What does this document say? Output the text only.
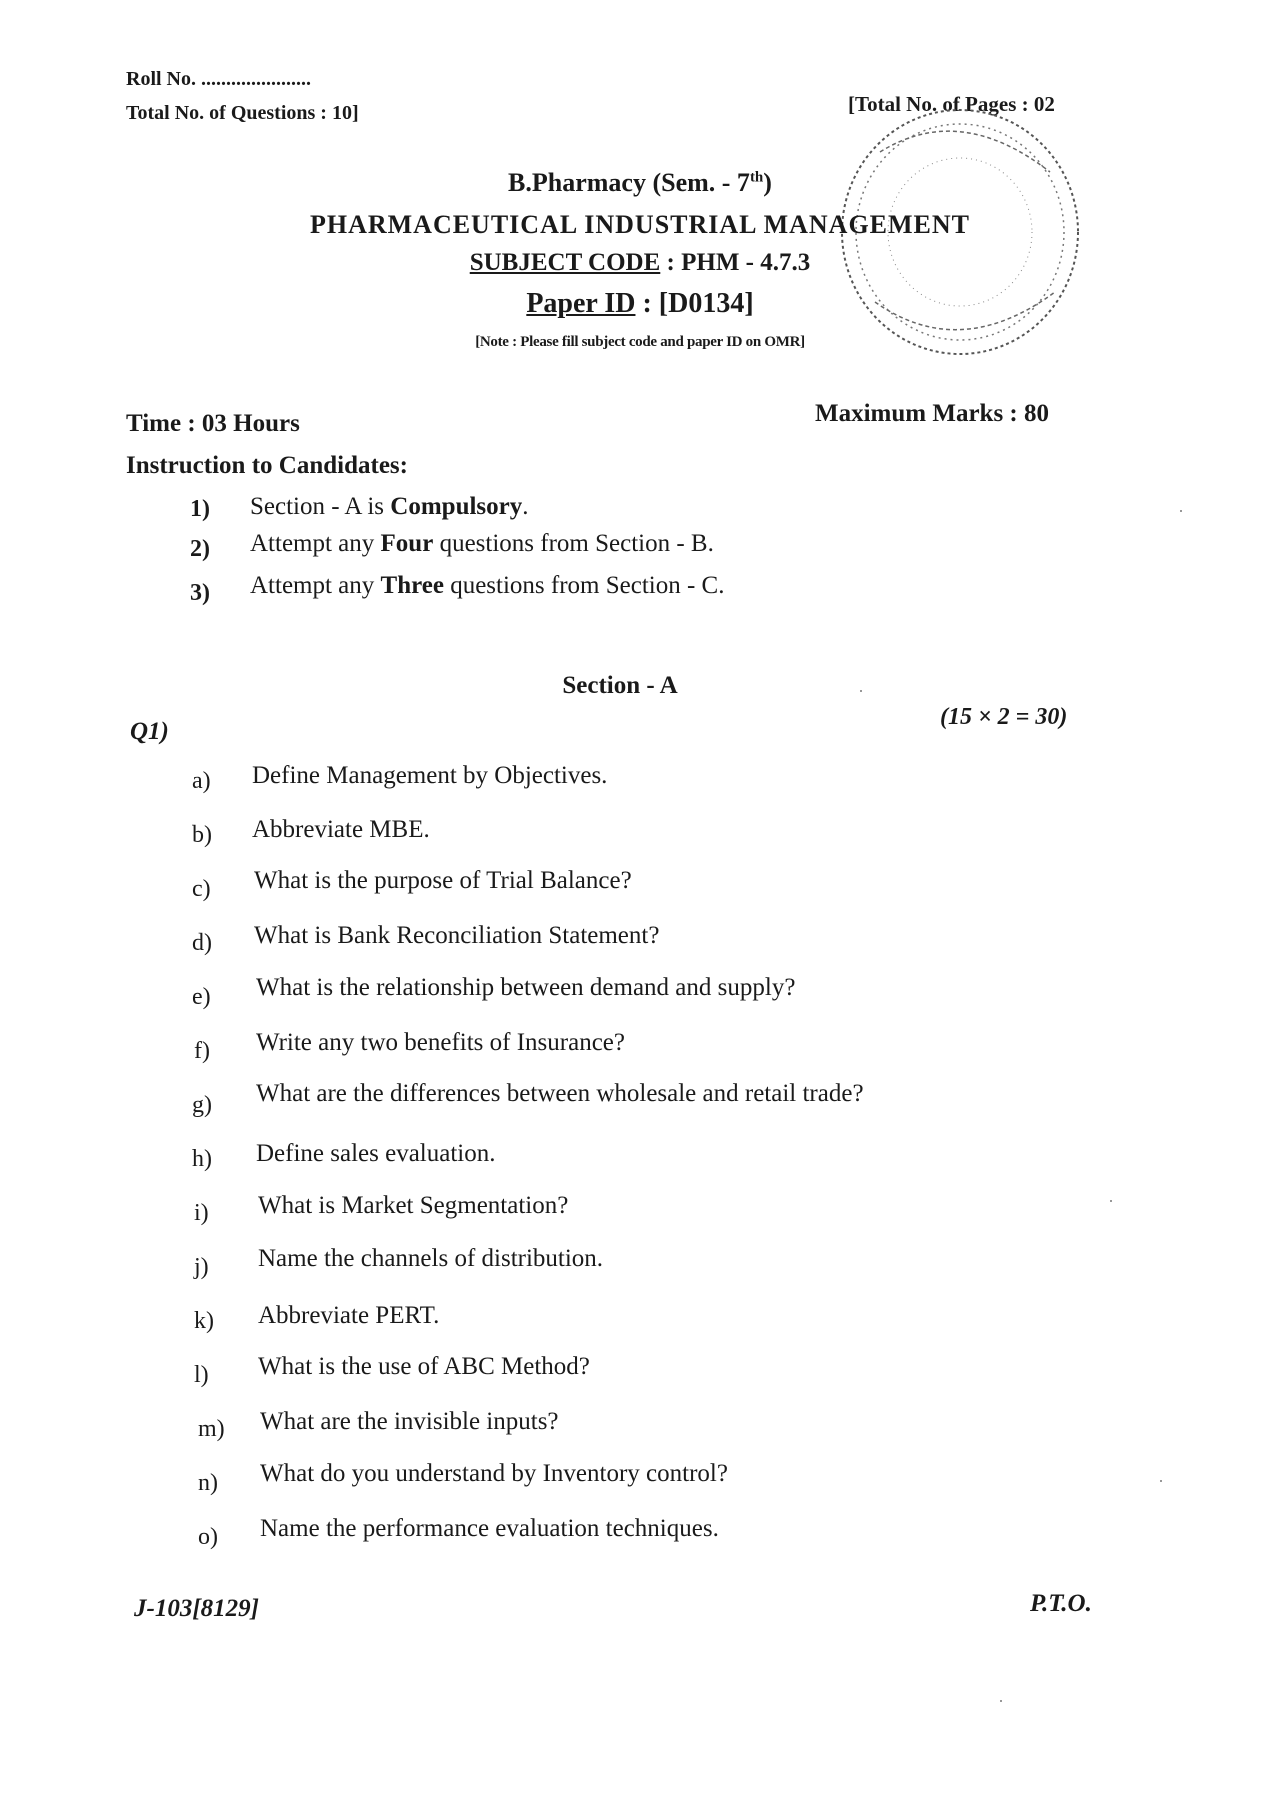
Roll No. ......................
Total No. of Questions : 10]	[Total No. of Pages : 02
B.Pharmacy (Sem. - 7th)
PHARMACEUTICAL INDUSTRIAL MANAGEMENT
SUBJECT CODE : PHM - 4.7.3
Paper ID : [D0134]
[Note : Please fill subject code and paper ID on OMR]
Time : 03 Hours	Maximum Marks : 80
Instruction to Candidates:
1) Section - A is Compulsory.
2) Attempt any Four questions from Section - B.
3) Attempt any Three questions from Section - C.
Section - A
Q1)
(15 × 2 = 30)
a) Define Management by Objectives.
b) Abbreviate MBE.
c) What is the purpose of Trial Balance?
d) What is Bank Reconciliation Statement?
e) What is the relationship between demand and supply?
f) Write any two benefits of Insurance?
g) What are the differences between wholesale and retail trade?
h) Define sales evaluation.
i) What is Market Segmentation?
j) Name the channels of distribution.
k) Abbreviate PERT.
l) What is the use of ABC Method?
m) What are the invisible inputs?
n) What do you understand by Inventory control?
o) Name the performance evaluation techniques.
J-103[8129]	P.T.O.
